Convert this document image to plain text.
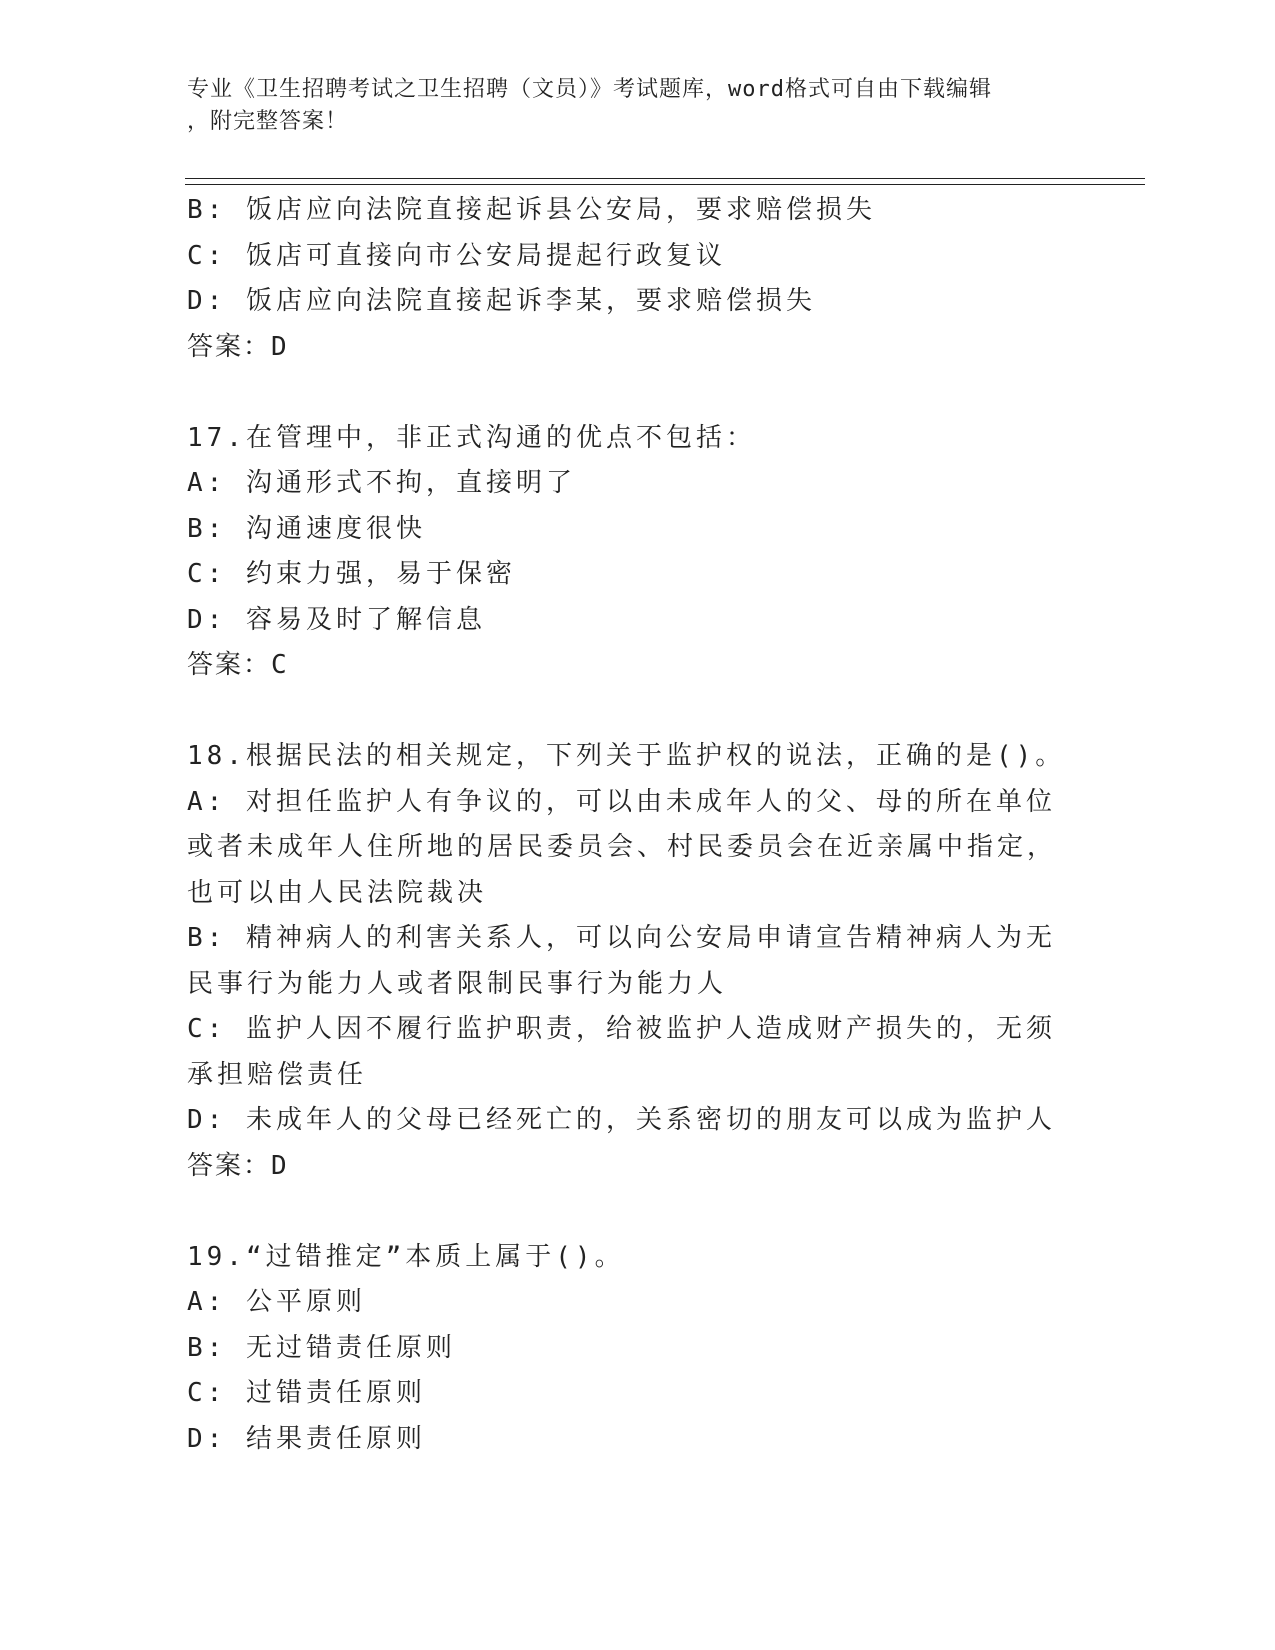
专业《卫生招聘考试之卫生招聘（文员）》考试题库，word格式可自由下载编辑
，附完整答案！
B: 饭店应向法院直接起诉县公安局，要求赔偿损失
C: 饭店可直接向市公安局提起行政复议
D: 饭店应向法院直接起诉李某，要求赔偿损失
答案：D
17.在管理中，非正式沟通的优点不包括：
A: 沟通形式不拘，直接明了
B: 沟通速度很快
C: 约束力强，易于保密
D: 容易及时了解信息
答案：C
18.根据民法的相关规定，下列关于监护权的说法，正确的是()。
A: 对担任监护人有争议的，可以由未成年人的父、母的所在单位或者未成年人住所地的居民委员会、村民委员会在近亲属中指定，也可以由人民法院裁决
B: 精神病人的利害关系人，可以向公安局申请宣告精神病人为无民事行为能力人或者限制民事行为能力人
C: 监护人因不履行监护职责，给被监护人造成财产损失的，无须承担赔偿责任
D: 未成年人的父母已经死亡的，关系密切的朋友可以成为监护人
答案：D
19.“过错推定”本质上属于()。
A: 公平原则
B: 无过错责任原则
C: 过错责任原则
D: 结果责任原则
